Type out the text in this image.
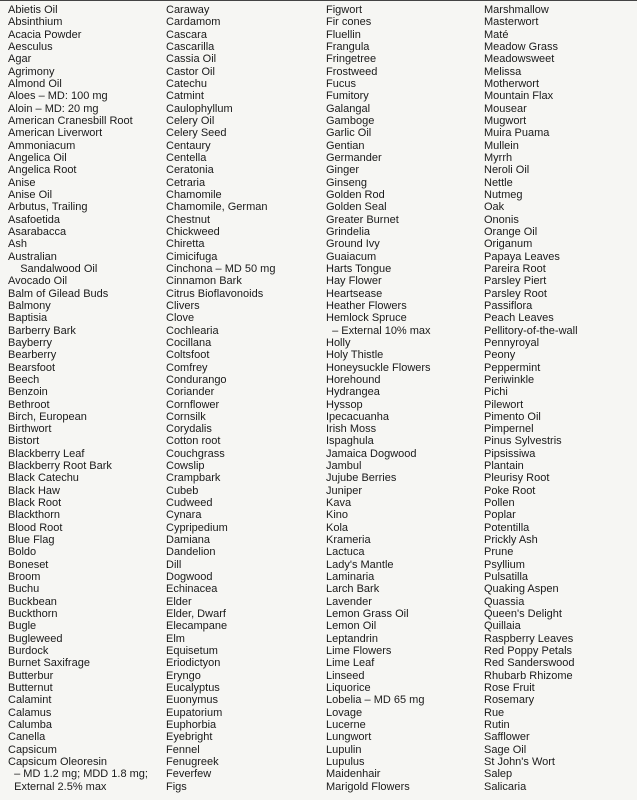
Abietis Oil
Absinthium
Acacia Powder
Aesculus
Agar
Agrimony
Almond Oil
Aloes – MD: 100 mg
Aloin – MD: 20 mg
American Cranesbill Root
American Liverwort
Ammoniacum
Angelica Oil
Angelica Root
Anise
Anise Oil
Arbutus, Trailing
Asafoetida
Asarabacca
Ash
Australian
Sandalwood Oil
Avocado Oil
Balm of Gilead Buds
Balmony
Baptisia
Barberry Bark
Bayberry
Bearberry
Bearsfoot
Beech
Benzoin
Bethroot
Birch, European
Birthwort
Bistort
Blackberry Leaf
Blackberry Root Bark
Black Catechu
Black Haw
Black Root
Blackthorn
Blood Root
Blue Flag
Boldo
Boneset
Broom
Buchu
Buckbean
Buckthorn
Bugle
Bugleweed
Burdock
Burnet Saxifrage
Butterbur
Butternut
Calamint
Calamus
Calumba
Canella
Capsicum
Capsicum Oleoresin
– MD 1.2 mg; MDD 1.8 mg;
External 2.5% max
Caraway
Cardamom
Cascara
Cascarilla
Cassia Oil
Castor Oil
Catechu
Catmint
Caulophyllum
Celery Oil
Celery Seed
Centaury
Centella
Ceratonia
Cetraria
Chamomile
Chamomile, German
Chestnut
Chickweed
Chiretta
Cimicifuga
Cinchona – MD 50 mg
Cinnamon Bark
Citrus Bioflavonoids
Clivers
Clove
Cochlearia
Cocillana
Coltsfoot
Comfrey
Condurango
Coriander
Cornflower
Cornsilk
Corydalis
Cotton root
Couchgrass
Cowslip
Crampbark
Cubeb
Cudweed
Cynara
Cypripedium
Damiana
Dandelion
Dill
Dogwood
Echinacea
Elder
Elder, Dwarf
Elecampane
Elm
Equisetum
Eriodictyon
Eryngo
Eucalyptus
Euonymus
Eupatorium
Euphorbia
Eyebright
Fennel
Fenugreek
Feverfew
Figs
Figwort
Fir cones
Fluellin
Frangula
Fringetree
Frostweed
Fucus
Fumitory
Galangal
Gamboge
Garlic Oil
Gentian
Germander
Ginger
Ginseng
Golden Rod
Golden Seal
Greater Burnet
Grindelia
Ground Ivy
Guaiacum
Harts Tongue
Hay Flower
Heartsease
Heather Flowers
Hemlock Spruce
– External 10% max
Holly
Holy Thistle
Honeysuckle Flowers
Horehound
Hydrangea
Hyssop
Ipecacuanha
Irish Moss
Ispaghula
Jamaica Dogwood
Jambul
Jujube Berries
Juniper
Kava
Kino
Kola
Krameria
Lactuca
Lady's Mantle
Laminaria
Larch Bark
Lavender
Lemon Grass Oil
Lemon Oil
Leptandrin
Lime Flowers
Lime Leaf
Linseed
Liquorice
Lobelia – MD 65 mg
Lovage
Lucerne
Lungwort
Lupulin
Lupulus
Maidenhair
Marigold Flowers
Marshmallow
Masterwort
Maté
Meadow Grass
Meadowsweet
Melissa
Motherwort
Mountain Flax
Mousear
Mugwort
Muira Puama
Mullein
Myrrh
Neroli Oil
Nettle
Nutmeg
Oak
Ononis
Orange Oil
Origanum
Papaya Leaves
Pareira Root
Parsley Piert
Parsley Root
Passiflora
Peach Leaves
Pellitory-of-the-wall
Pennyroyal
Peony
Peppermint
Periwinkle
Pichi
Pilewort
Pimento Oil
Pimpernel
Pinus Sylvestris
Pipsissiwa
Plantain
Pleurisy Root
Poke Root
Pollen
Poplar
Potentilla
Prickly Ash
Prune
Psyllium
Pulsatilla
Quaking Aspen
Quassia
Queen's Delight
Quillaia
Raspberry Leaves
Red Poppy Petals
Red Sanderswood
Rhubarb Rhizome
Rose Fruit
Rosemary
Rue
Rutin
Safflower
Sage Oil
St John's Wort
Salep
Salicaria
